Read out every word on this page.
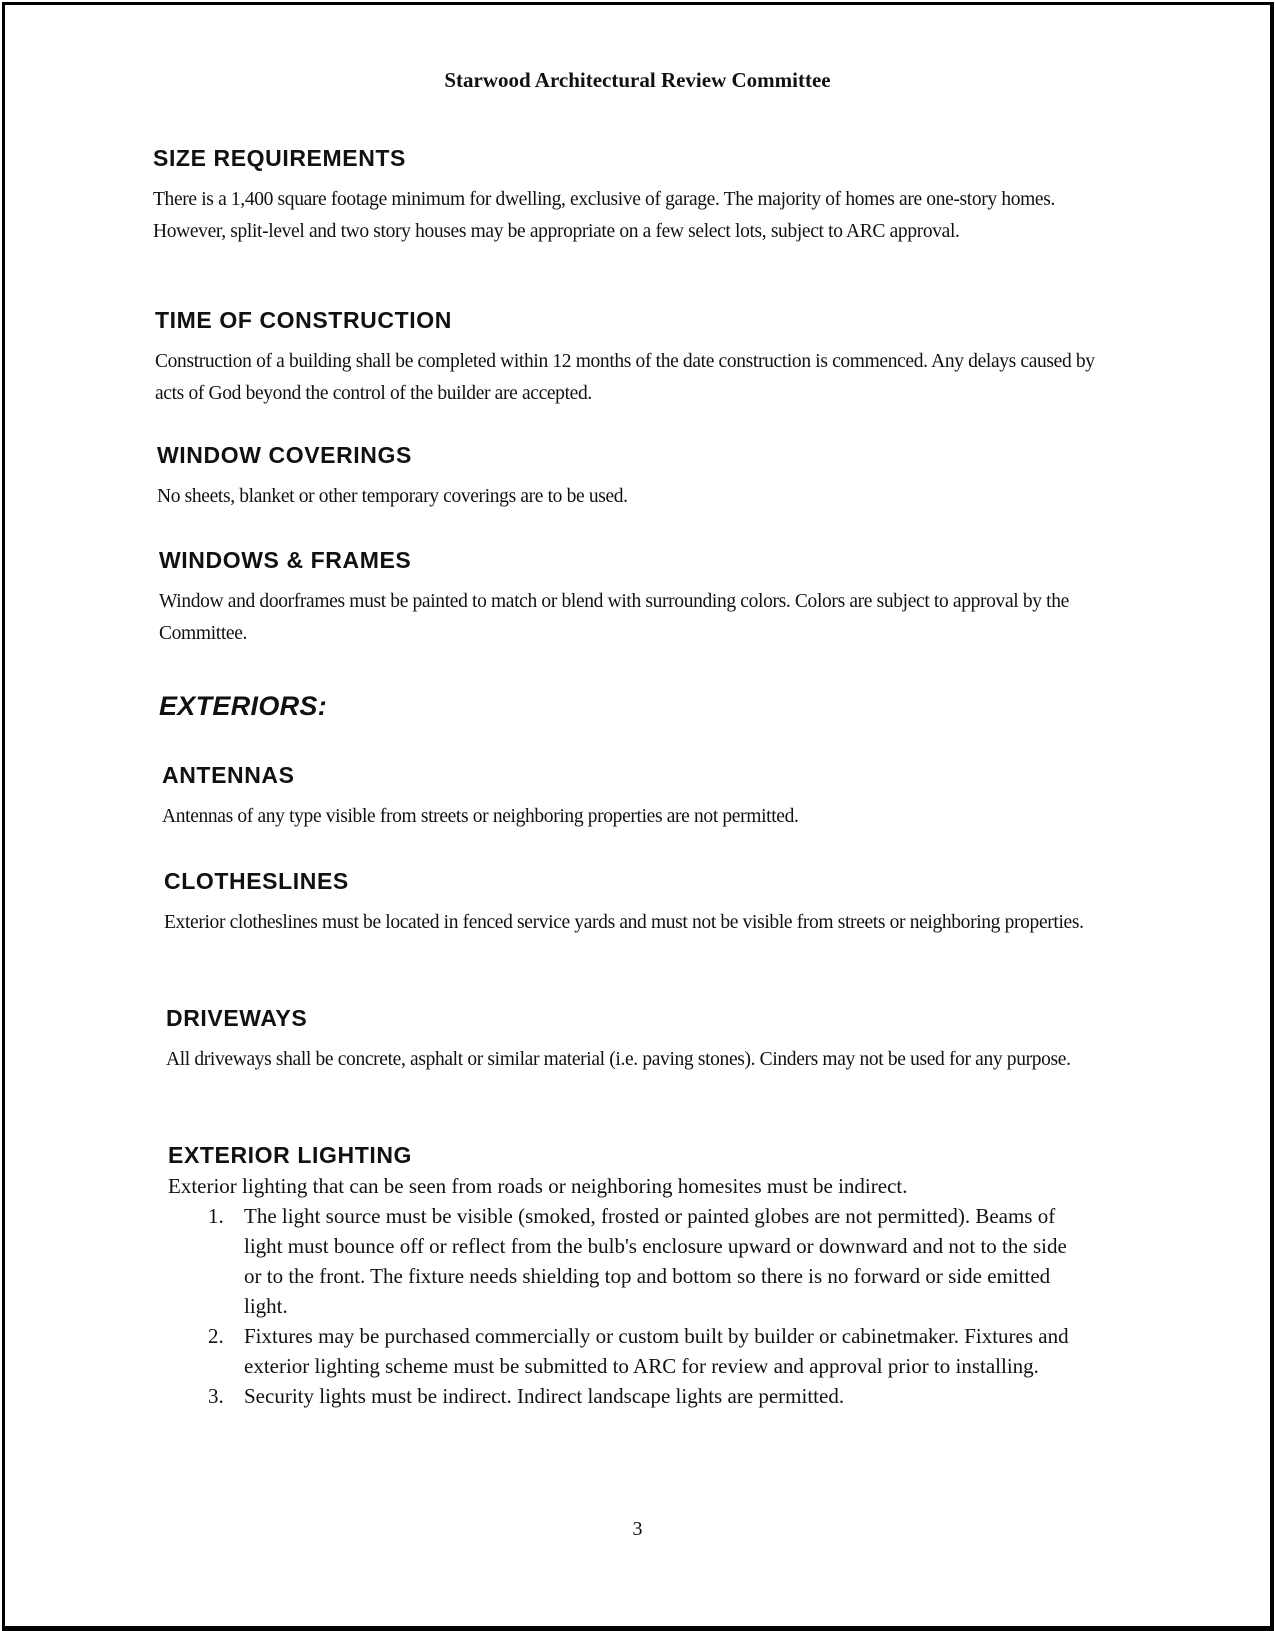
Starwood Architectural Review Committee
SIZE REQUIREMENTS

There is a 1,400 square footage minimum for dwelling, exclusive of garage. The majority of homes are one-story homes. However, split-level and two story houses may be appropriate on a few select lots, subject to ARC approval.

TIME OF CONSTRUCTION

Construction of a building shall be completed within 12 months of the date construction is commenced. Any delays caused by acts of God beyond the control of the builder are accepted.

WINDOW COVERINGS

No sheets, blanket or other temporary coverings are to be used.

WINDOWS & FRAMES

Window and doorframes must be painted to match or blend with surrounding colors. Colors are subject to approval by the Committee.

EXTERIORS:
ANTENNAS

Antennas of any type visible from streets or neighboring properties are not permitted.

CLOTHESLINES

Exterior clotheslines must be located in fenced service yards and must not be visible from streets or neighboring properties.

DRIVEWAYS

All driveways shall be concrete, asphalt or similar material (i.e. paving stones). Cinders may not be used for any purpose.

EXTERIOR LIGHTING

Exterior lighting that can be seen from roads or neighboring homesites must be indirect.

1. The light source must be visible (smoked, frosted or painted globes are not permitted). Beams of light must bounce off or reflect from the bulb's enclosure upward or downward and not to the side or to the front. The fixture needs shielding top and bottom so there is no forward or side emitted light.
2. Fixtures may be purchased commercially or custom built by builder or cabinetmaker. Fixtures and exterior lighting scheme must be submitted to ARC for review and approval prior to installing.
3. Security lights must be indirect. Indirect landscape lights are permitted.
3
